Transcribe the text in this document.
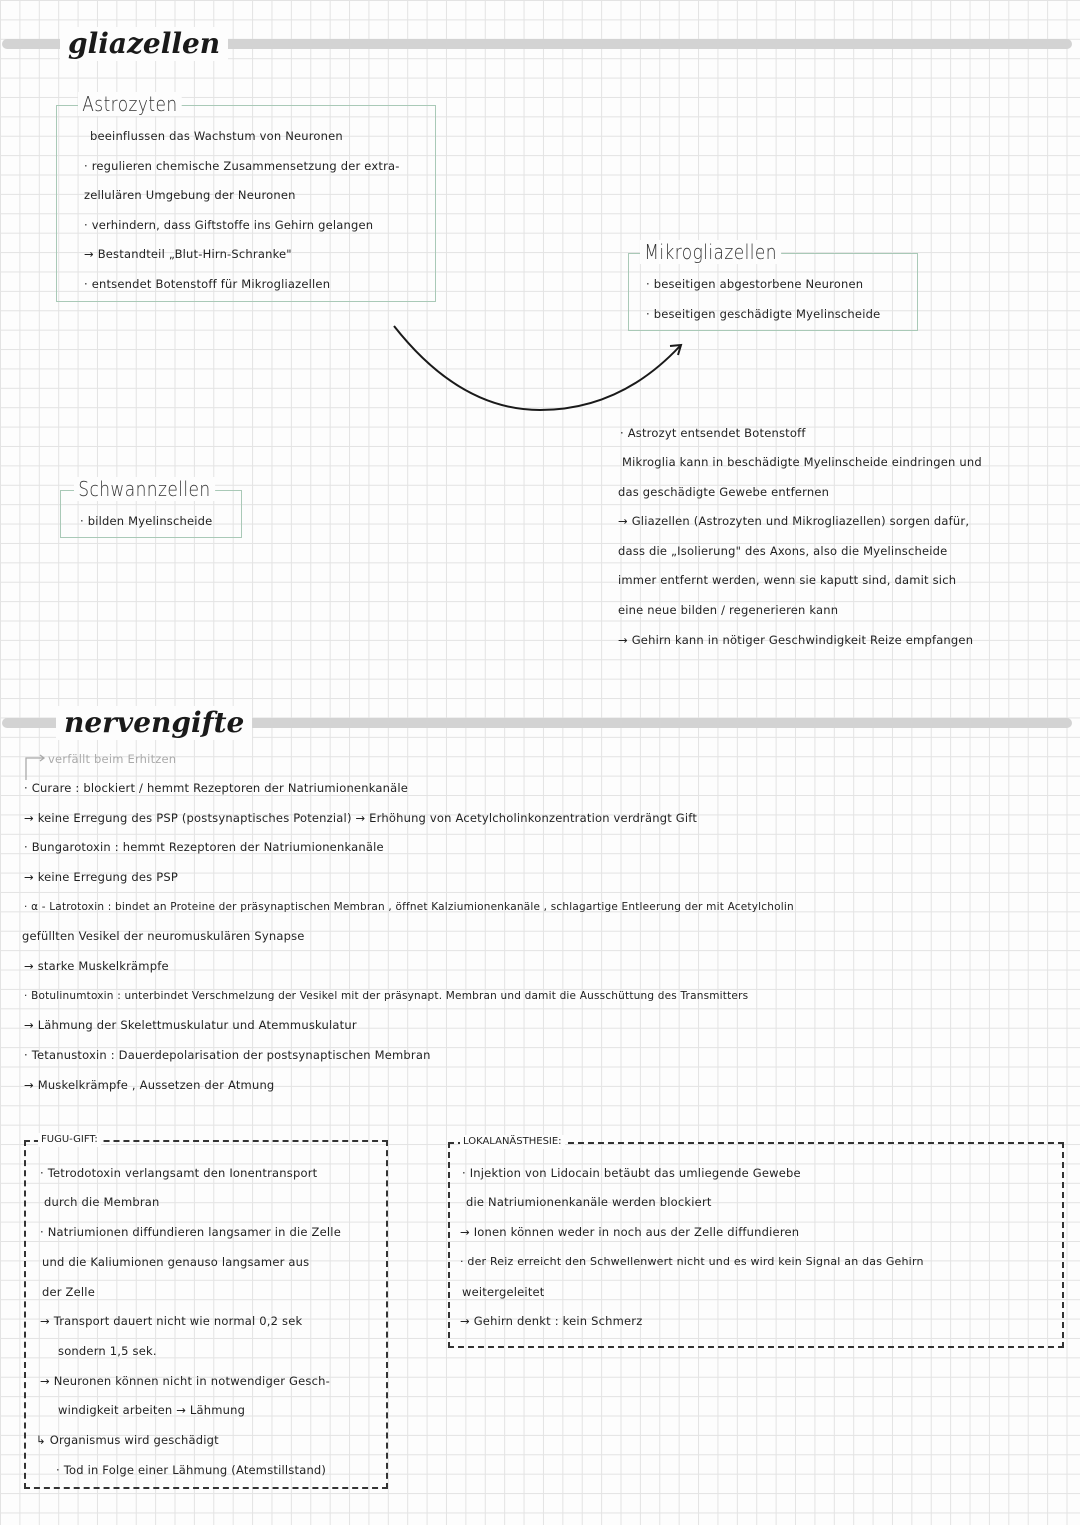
gliazellen
Astrozyten
beeinflussen das Wachstum von Neuronen
· regulieren chemische Zusammensetzung der extra-
zellulären Umgebung der Neuronen
· verhindern, dass Giftstoffe ins Gehirn gelangen
→ Bestandteil „Blut-Hirn-Schranke"
· entsendet Botenstoff für Mikrogliazellen
Mikrogliazellen
· beseitigen abgestorbene Neuronen
· beseitigen geschädigte Myelinscheide
Schwannzellen
· bilden Myelinscheide
· Astrozyt entsendet Botenstoff
Mikroglia kann in beschädigte Myelinscheide eindringen und
das geschädigte Gewebe entfernen
→ Gliazellen (Astrozyten und Mikrogliazellen) sorgen dafür,
dass die „Isolierung" des Axons, also die Myelinscheide
immer entfernt werden, wenn sie kaputt sind, damit sich
eine neue bilden / regenerieren kann
→ Gehirn kann in nötiger Geschwindigkeit Reize empfangen
nervengifte
verfällt beim Erhitzen
· Curare : blockiert / hemmt Rezeptoren der Natriumionenkanäle
→ keine Erregung des PSP (postsynaptisches Potenzial) → Erhöhung von Acetylcholinkonzentration verdrängt Gift
· Bungarotoxin : hemmt Rezeptoren der Natriumionenkanäle
→ keine Erregung des PSP
· α - Latrotoxin : bindet an Proteine der präsynaptischen Membran , öffnet Kalziumionenkanäle , schlagartige Entleerung der mit Acetylcholin
gefüllten Vesikel der neuromuskulären Synapse
→ starke Muskelkrämpfe
· Botulinumtoxin : unterbindet Verschmelzung der Vesikel mit der präsynapt. Membran und damit die Ausschüttung des Transmitters
→ Lähmung der Skelettmuskulatur und Atemmuskulatur
· Tetanustoxin : Dauerdepolarisation der postsynaptischen Membran
→ Muskelkrämpfe , Aussetzen der Atmung
FUGU-GIFT:
· Tetrodotoxin verlangsamt den Ionentransport
durch die Membran
· Natriumionen diffundieren langsamer in die Zelle
und die Kaliumionen genauso langsamer aus
der Zelle
→ Transport dauert nicht wie normal 0,2 sek
sondern 1,5 sek.
→ Neuronen können nicht in notwendiger Gesch-
windigkeit arbeiten → Lähmung
↳ Organismus wird geschädigt
· Tod in Folge einer Lähmung (Atemstillstand)
LOKALANÄSTHESIE:
· Injektion von Lidocain betäubt das umliegende Gewebe
die Natriumionenkanäle werden blockiert
→ Ionen können weder in noch aus der Zelle diffundieren
· der Reiz erreicht den Schwellenwert nicht und es wird kein Signal an das Gehirn
weitergeleitet
→ Gehirn denkt : kein Schmerz
